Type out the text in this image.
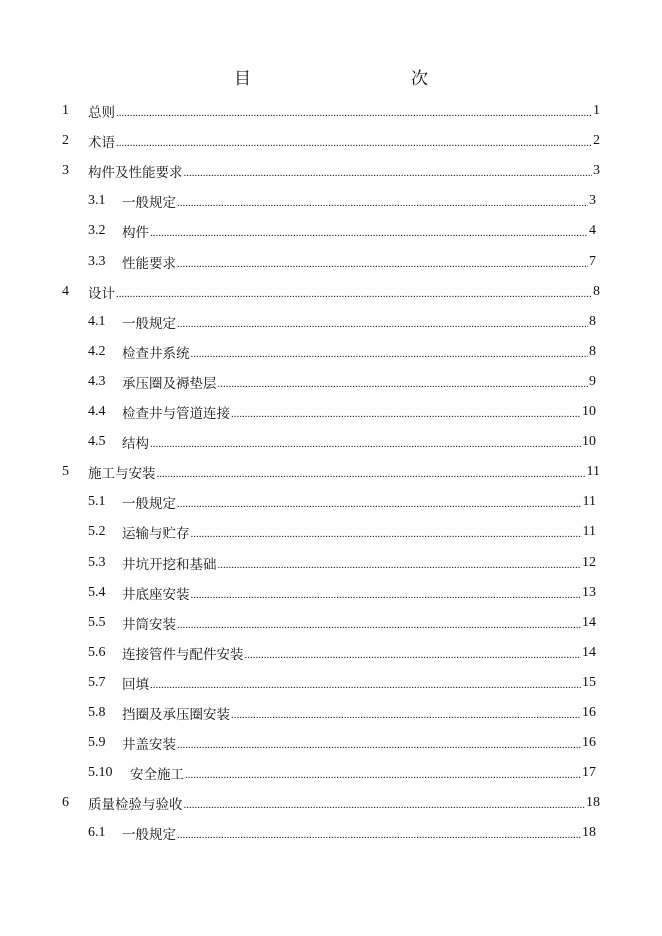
目　　次
1	总则 .....	1
2	术语 .....	2
3	构件及性能要求 .....	3
3.1	一般规定 .....	3
3.2	构件 .....	4
3.3	性能要求 .....	7
4	设计 .....	8
4.1	一般规定 .....	8
4.2	检查井系统 .....	8
4.3	承压圈及褥垫层 .....	9
4.4	检查井与管道连接 .....	10
4.5	结构 .....	10
5	施工与安装 .....	11
5.1	一般规定 .....	11
5.2	运输与贮存 .....	11
5.3	井坑开挖和基础 .....	12
5.4	井底座安装 .....	13
5.5	井筒安装 .....	14
5.6	连接管件与配件安装 .....	14
5.7	回填 .....	15
5.8	挡圈及承压圈安装 .....	16
5.9	井盖安装 .....	16
5.10	安全施工 .....	17
6	质量检验与验收 .....	18
6.1	一般规定 .....	18
